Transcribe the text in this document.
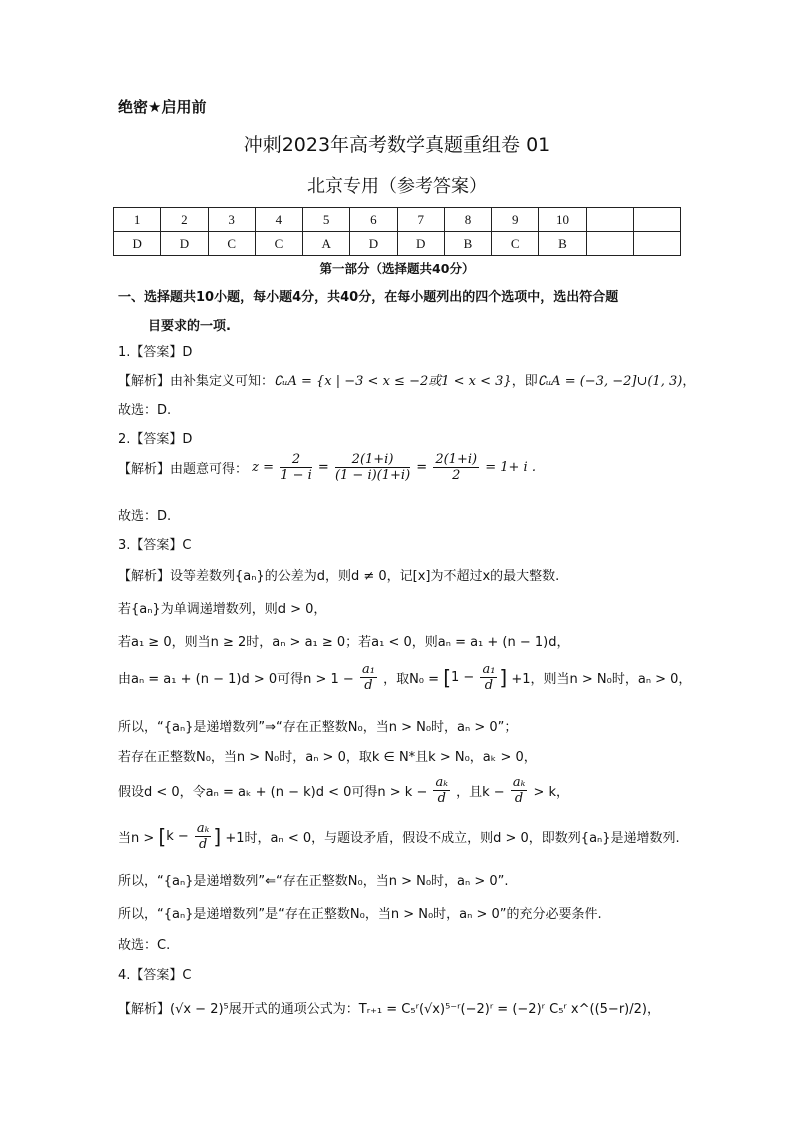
绝密★启用前
冲刺2023年高考数学真题重组卷 01
北京专用（参考答案）
1	2	3	4	5	6	7	8	9	10		
D	D	C	C	A	D	D	B	C	B		
第一部分（选择题共40分）
一、选择题共10小题，每小题4分，共40分，在每小题列出的四个选项中，选出符合题
目要求的一项.
1.【答案】D
【解析】由补集定义可知：∁ᵤA = {x | −3 < x ≤ −2或1 < x < 3}，即∁ᵤA = (−3, −2]∪(1, 3)，
故选：D.
2.【答案】D
【解析】由题意可得： $z = \frac{2}{1 - i} = \frac{2(1+i)}{(1 - i)(1+i)} = \frac{2(1+i)}{2} = 1+ i$ .
故选：D.
3.【答案】C
【解析】设等差数列{aₙ}的公差为d，则d ≠ 0，记[x]为不超过x的最大整数.
若{aₙ}为单调递增数列，则d > 0，
若a₁ ≥ 0，则当n ≥ 2时，aₙ > a₁ ≥ 0；若a₁ < 0，则aₙ = a₁ + (n − 1)d，
由aₙ = a₁ + (n − 1)d > 0可得$n > 1 - \frac{\text{a₁}}{d}$ ，取$N_0 = [1 - \frac{\text{a₁}}{d}$ ] +1，则当n > N₀时，aₙ > 0，
所以，“{aₙ}是递增数列”⇒“存在正整数N₀，当n > N₀时，aₙ > 0”；
若存在正整数N₀，当n > N₀时，aₙ > 0，取k ∈ N*且k > N₀，aₖ > 0，
假设d < 0，令aₙ = aₖ + (n − k)d < 0可得$n > k - \frac{\text{aₖ}}{d}$ ，且$k - \frac{\text{aₖ}}{d} > k$，
当$n > [k - \frac{\text{aₖ}}{d}$ ] +1时，aₙ < 0，与题设矛盾，假设不成立，则d > 0，即数列{aₙ}是递增数列.
所以，“{aₙ}是递增数列”⇐“存在正整数N₀，当n > N₀时，aₙ > 0”.
所以，“{aₙ}是递增数列”是“存在正整数N₀，当n > N₀时，aₙ > 0”的充分必要条件.
故选：C.
4.【答案】C
【解析】(√x − 2)⁵展开式的通项公式为：Tᵣ₊₁ = C₅ʳ(√x)⁵⁻ʳ(−2)ʳ = (−2)ʳ C₅ʳ x^((5−r)/2)，
